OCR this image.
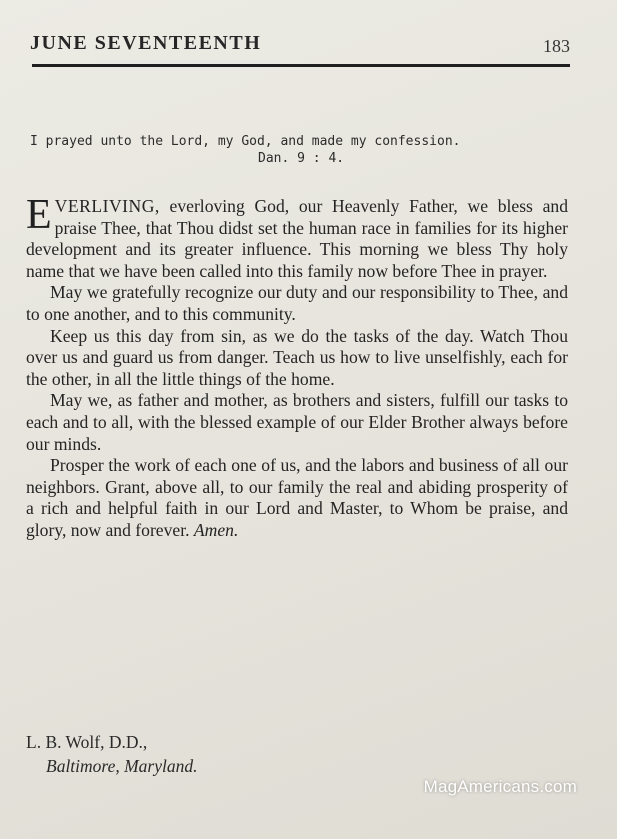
JUNE SEVENTEENTH	183
I prayed unto the Lord, my God, and made my confession.
Dan. 9 : 4.

EVERLIVING, everloving God, our Heavenly Father, we bless and praise Thee, that Thou didst set the human race in families for its higher development and its greater influence. This morning we bless Thy holy name that we have been called into this family now before Thee in prayer.

May we gratefully recognize our duty and our responsibility to Thee, and to one another, and to this community.

Keep us this day from sin, as we do the tasks of the day. Watch Thou over us and guard us from danger. Teach us how to live unselfishly, each for the other, in all the little things of the home.

May we, as father and mother, as brothers and sisters, fulfill our tasks to each and to all, with the blessed example of our Elder Brother always before our minds.

Prosper the work of each one of us, and the labors and business of all our neighbors. Grant, above all, to our family the real and abiding prosperity of a rich and helpful faith in our Lord and Master, to Whom be praise, and glory, now and forever. Amen.

L. B. Wolf, D.D.,
Baltimore, Maryland.
MagAmericans.com
